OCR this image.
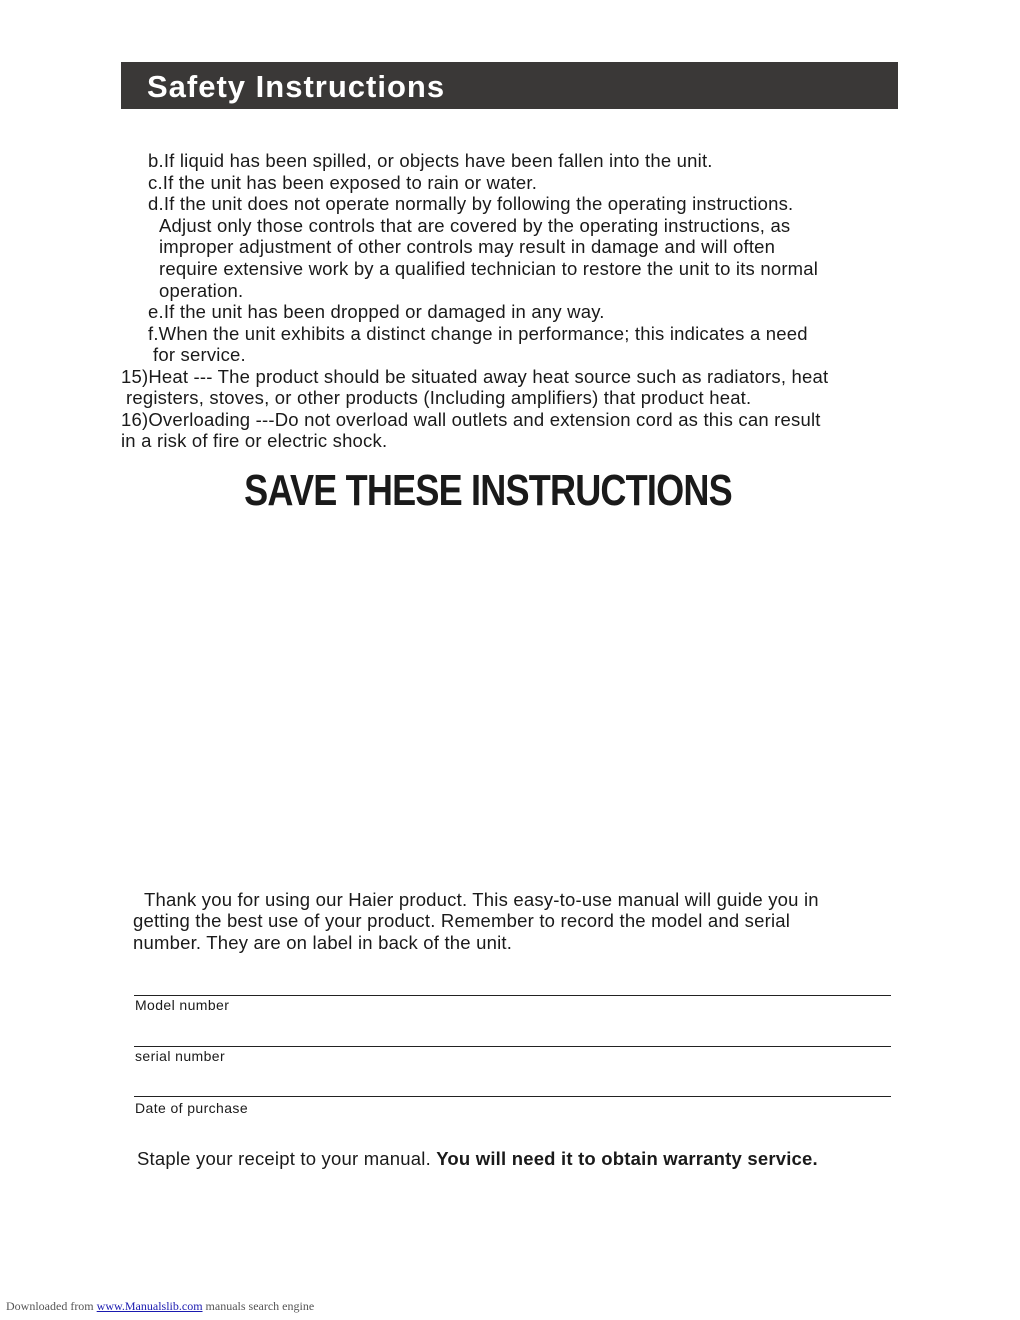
Safety Instructions
b.If liquid has been spilled, or objects have been fallen into the unit.
c.If the unit has been exposed to rain or water.
d.If the unit does not operate normally by following the operating instructions.
Adjust only those controls that are covered by the operating instructions, as
improper adjustment of other controls may result in damage and will often
require extensive work by a qualified technician to restore the unit to its normal
operation.
e.If the unit has been dropped or damaged in any way.
f.When the unit exhibits a distinct change in performance; this indicates a need
for service.
15)Heat --- The product should be situated away heat source such as radiators, heat
registers, stoves, or other products (Including amplifiers) that product heat.
16)Overloading ---Do not overload wall outlets and extension cord as this can result
in a risk of fire or electric shock.
SAVE THESE INSTRUCTIONS
Thank you for using our Haier product. This easy-to-use manual will guide you in
getting the best use of your product. Remember to record the model and serial
number. They are on label in back of the unit.
Model number
serial number
Date of purchase
Staple your receipt to your manual. You will need it to obtain warranty service.
Downloaded from www.Manualslib.com manuals search engine
